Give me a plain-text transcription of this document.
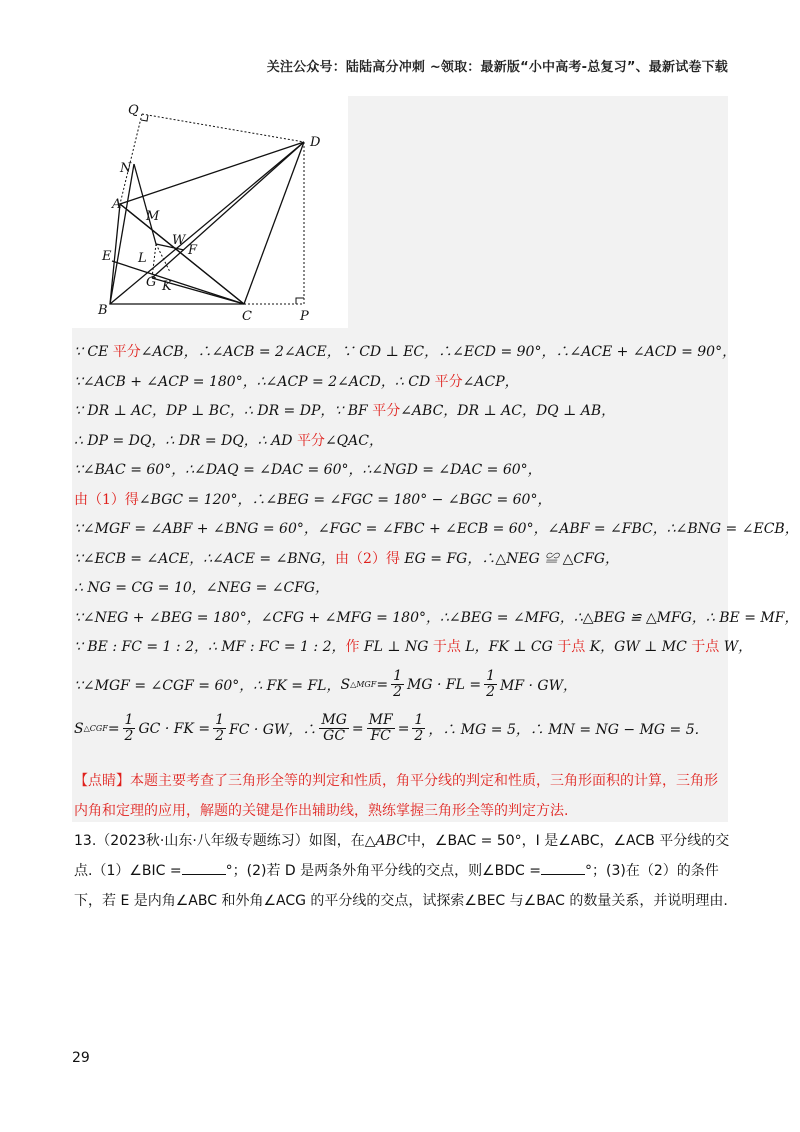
关注公众号：陆陆高分冲刺 ~领取：最新版“小中高考-总复习”、最新试卷下载
Q
D
N
A
M
W
F
E L
G K
B	C	P
∵ CE 平分∠ACB，∴∠ACB = 2∠ACE，∵ CD ⊥ EC，∴∠ECD = 90°，∴∠ACE + ∠ACD = 90°，
∵∠ACB + ∠ACP = 180°，∴∠ACP = 2∠ACD，∴ CD 平分∠ACP，
∵ DR ⊥ AC，DP ⊥ BC，∴ DR = DP，∵ BF 平分∠ABC，DR ⊥ AC，DQ ⊥ AB，
∴ DP = DQ，∴ DR = DQ，∴ AD 平分∠QAC，
∵∠BAC = 60°，∴∠DAQ = ∠DAC = 60°，∴∠NGD = ∠DAC = 60°，
由（1）得∠BGC = 120°，∴∠BEG = ∠FGC = 180° − ∠BGC = 60°，
∵∠MGF = ∠ABF + ∠BNG = 60°，∠FGC = ∠FBC + ∠ECB = 60°，∠ABF = ∠FBC，∴∠BNG = ∠ECB，
∵∠ECB = ∠ACE，∴∠ACE = ∠BNG，由（2）得 EG = FG，∴△NEG ≌ △CFG，
∴ NG = CG = 10，∠NEG = ∠CFG，
∵∠NEG + ∠BEG = 180°，∠CFG + ∠MFG = 180°，∴∠BEG = ∠MFG，∴△BEG ≌ △MFG，∴ BE = MF，
∵ BE : FC = 1 : 2，∴ MF : FC = 1 : 2，作 FL ⊥ NG 于点 L，FK ⊥ CG 于点 K，GW ⊥ MC 于点 W，
∵∠MGF = ∠CGF = 60°，∴ FK = FL， S △MGF = $\frac{1}{2}$ MG · FL = $\frac{1}{2}$ MF · GW，
S △CGF = $\frac{1}{2}$ GC · FK = $\frac{1}{2}$ FC · GW，∴ $\frac{MG}{GC} = \frac{MF}{FC} = \frac{1}{2}$ ，∴ MG = 5，∴ MN = NG − MG = 5.
【点睛】本题主要考查了三角形全等的判定和性质，角平分线的判定和性质，三角形面积的计算，三角形内角和定理的应用，解题的关键是作出辅助线，熟练掌握三角形全等的判定方法.
13.（2023秋·山东·八年级专题练习）如图，在△ABC中，∠BAC = 50°，I 是∠ABC，∠ACB 平分线的交点.（1）∠BIC =	°；(2)若 D 是两条外角平分线的交点，则∠BDC =	°；(3)在（2）的条件下，若 E 是内角∠ABC 和外角∠ACG 的平分线的交点，试探索∠BEC 与∠BAC 的数量关系，并说明理由.
29
